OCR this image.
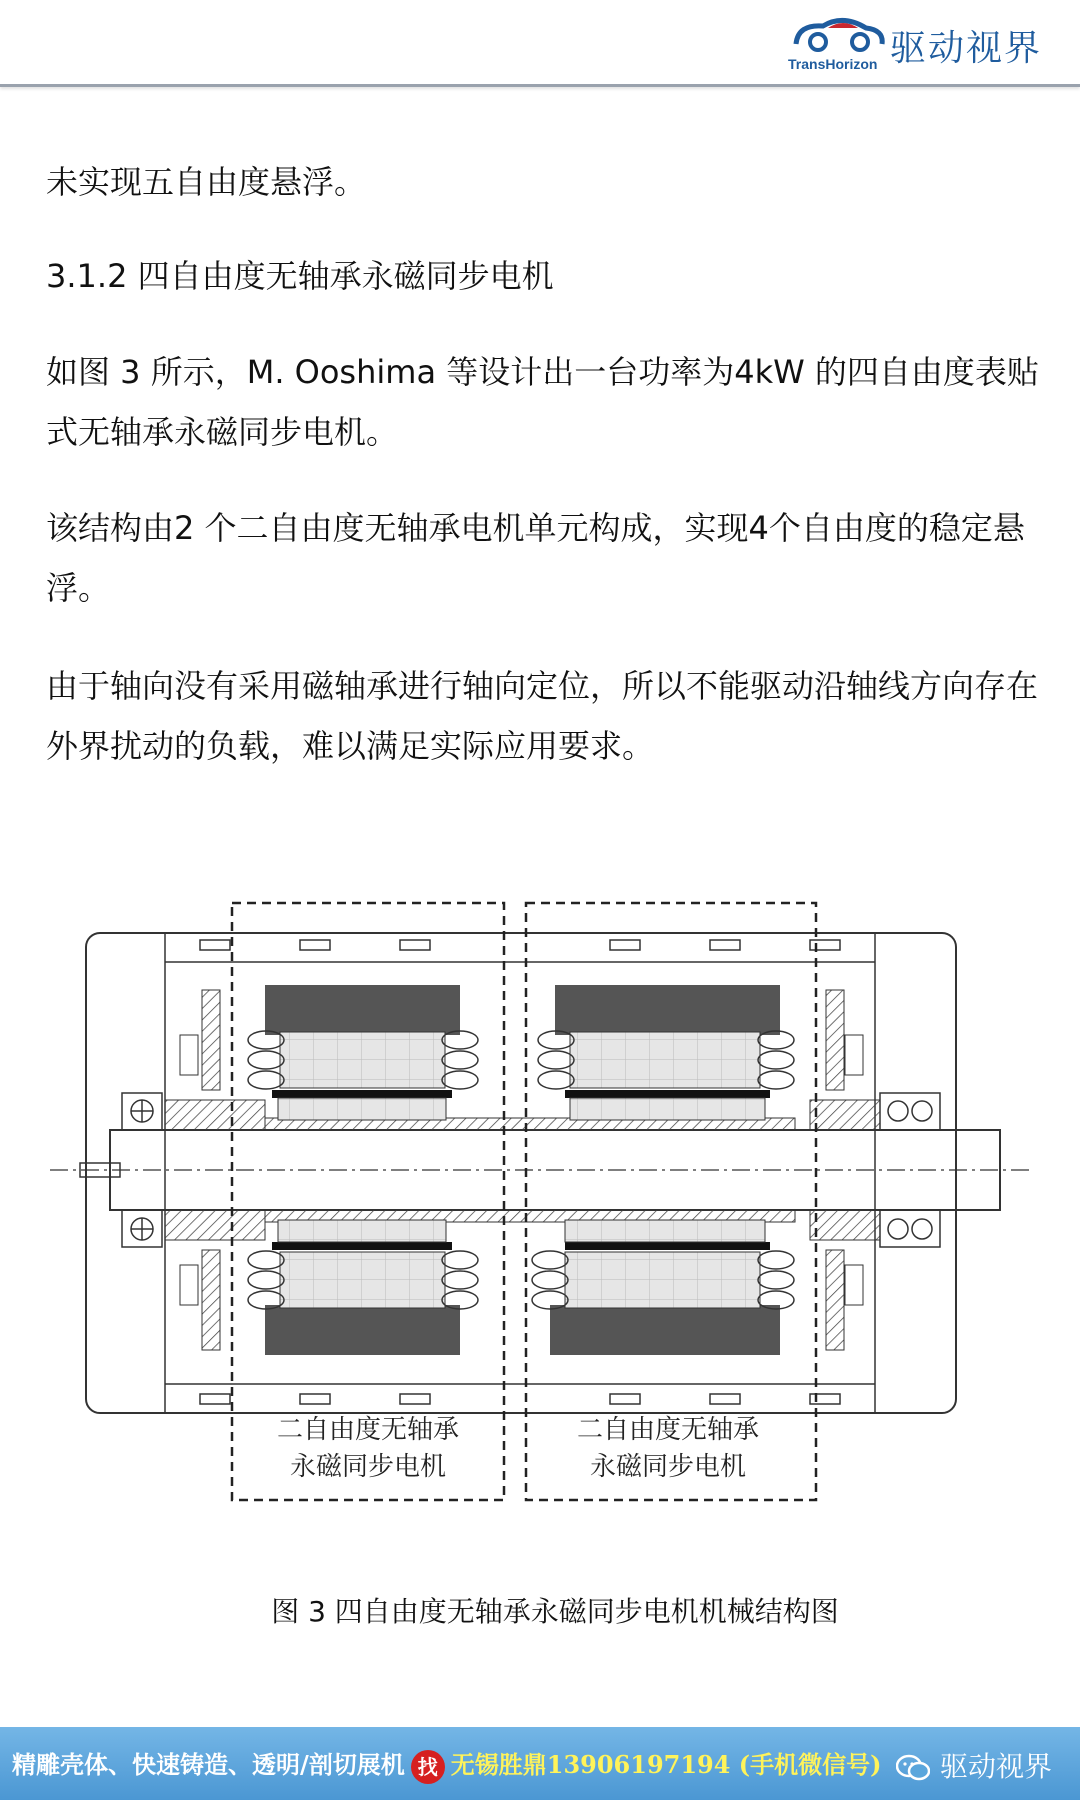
驱动视界
TransHorizon

未实现五自由度悬浮。

3.1.2 四自由度无轴承永磁同步电机

如图 3 所示，M. Ooshima 等设计出一台功率为4kW 的四自由度表贴式无轴承永磁同步电机。

该结构由2 个二自由度无轴承电机单元构成，实现4个自由度的稳定悬浮。

由于轴向没有采用磁轴承进行轴向定位，所以不能驱动沿轴线方向存在外界扰动的负载，难以满足实际应用要求。

二自由度无轴承
永磁同步电机
二自由度无轴承
永磁同步电机
图 3 四自由度无轴承永磁同步电机机械结构图
精雕壳体、快速铸造、透明/剖切展机 找 无锡胜鼎13906197194 (手机微信号)	驱动视界
